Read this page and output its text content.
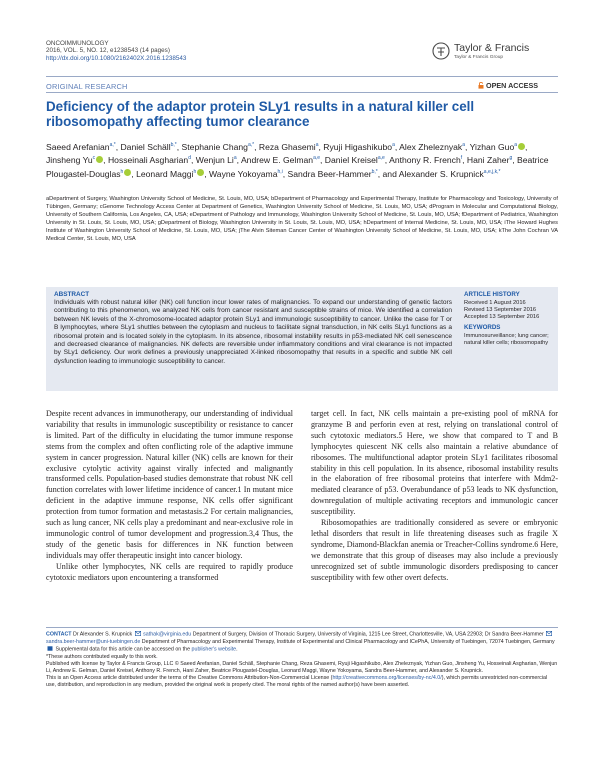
ONCOIMMUNOLOGY
2016, VOL. 5, NO. 12, e1238543 (14 pages)
http://dx.doi.org/10.1080/2162402X.2016.1238543
Taylor & Francis
Taylor & Francis Group
ORIGINAL RESEARCH	OPEN ACCESS
Deficiency of the adaptor protein SLy1 results in a natural killer cell ribosomopathy affecting tumor clearance
Saeed Arefanian$^{a,*}$, Daniel Schäll$^{b,*}$, Stephanie Chang$^{a,*}$, Reza Ghasemi$^a$, Ryuji Higashikubo$^a$, Alex Zheleznyak$^a$, Yizhan Guo$^a$ , Jinsheng Yu$^c$ , Hosseinali Asgharian$^d$, Wenjun Li$^a$, Andrew E. Gelman$^{a,e}$, Daniel Kreisel$^{a,e}$, Anthony R. French$^f$, Hani Zaher$^g$, Beatrice Plougastel-Douglas$^h$ , Leonard Maggi$^h$ , Wayne Yokoyama$^{h,i}$, Sandra Beer-Hammer$^{b,*}$, and Alexander S. Krupnick$^{a,e,j,k,*}$
aDepartment of Surgery, Washington University School of Medicine, St. Louis, MO, USA; bDepartment of Pharmacology and Experimental Therapy, Institute for Pharmacology and Toxicology, University of Tübingen, Germany; cGenome Technology Access Center at Department of Genetics, Washington University School of Medicine, St. Louis, MO, USA; dProgram in Molecular and Computational Biology, University of Southern California, Los Angeles, CA, USA; eDepartment of Pathology and Immunology, Washington University School of Medicine, St. Louis, MO, USA; fDepartment of Pediatrics, Washington University in St. Louis, St. Louis, MO, USA; gDepartment of Biology, Washington University in St. Louis, St. Louis, MO, USA; hDepartment of Internal Medicine, St. Louis, MO, USA; iThe Howard Hughes Institute of Washington University School of Medicine, St. Louis, MO, USA; jThe Alvin Siteman Cancer Center of Washington University School of Medicine, St. Louis, MO, USA; kThe John Cochran VA Medical Center, St. Louis, MO, USA
ABSTRACT
Individuals with robust natural killer (NK) cell function incur lower rates of malignancies. To expand our understanding of genetic factors contributing to this phenomenon, we analyzed NK cells from cancer resistant and susceptible strains of mice. We identified a correlation between NK levels of the X-chromosome-located adaptor protein SLy1 and immunologic susceptibility to cancer. Unlike the case for T or B lymphocytes, where SLy1 shuttles between the cytoplasm and nucleus to facilitate signal transduction, in NK cells SLy1 functions as a ribosomal protein and is located solely in the cytoplasm. In its absence, ribosomal instability results in p53-mediated NK cell senescence and decreased clearance of malignancies. NK defects are reversible under inflammatory conditions and viral clearance is not impacted by SLy1 deficiency. Our work defines a previously unappreciated X-linked ribosomopathy that results in a specific and subtle NK cell dysfunction leading to immunologic susceptibility to cancer.
ARTICLE HISTORY
Received 1 August 2016
Revised 13 September 2016
Accepted 13 September 2016
KEYWORDS
Immunosurveillance; lung cancer; natural killer cells; ribosomopathy

Despite recent advances in immunotherapy, our understanding of individual variability that results in immunologic susceptibility or resistance to cancer is limited. Part of the difficulty in elucidating the tumor immune response stems from the complex and often conflicting role of the adaptive immune system in cancer progression. Natural killer (NK) cells are known for their exclusive cytolytic activity against virally infected and malignantly transformed cells. Population-based studies demonstrate that robust NK cell function correlates with lower lifetime incidence of cancer.1 In mutant mice deficient in the adaptive immune response, NK cells offer significant protection from tumor formation and metastasis.2 For certain malignancies, such as lung cancer, NK cells play a predominant and near-exclusive role in immunologic control of tumor development and progression.3,4 Thus, the study of the genetic basis for differences in NK function between individuals may offer therapeutic insight into cancer biology.

Unlike other lymphocytes, NK cells are required to rapidly produce cytotoxic mediators upon encountering a transformed

target cell. In fact, NK cells maintain a pre-existing pool of mRNA for granzyme B and perforin even at rest, relying on translational control of such cytotoxic mediators.5 Here, we show that compared to T and B lymphocytes quiescent NK cells also maintain a relative abundance of ribosomes. The multifunctional adaptor protein SLy1 facilitates ribosomal stability in this cell population. In its absence, ribosomal instability results in the elaboration of free ribosomal proteins that interfere with Mdm2-mediated clearance of p53. Overabundance of p53 leads to NK dysfunction, downregulation of multiple activating receptors and immunologic cancer susceptibility.

Ribosomopathies are traditionally considered as severe or embryonic lethal disorders that result in life threatening diseases such as fragile X syndrome, Diamond-Blackfan anemia or Treacher-Collins syndrome.6 Here, we demonstrate that this group of diseases may also include a previously unrecognized set of subtle immunologic disorders predisposing to cancer susceptibility with few other overt defects.

CONTACT Dr Alexander S. Krupnick sathak@virginia.edu Department of Surgery, Division of Thoracic Surgery, University of Virginia, 1215 Lee Street, Charlottesville, VA, USA 22903; Dr Sandra Beer-Hammer  sandra.beer-hammer@uni-tuebingen.de Department of Pharmacology and Experimental Therapy, Institute of Experimental and Clinical Pharmacology and ICePhA, University of Tuebingen, 72074 Tuebingen, Germany

Supplemental data for this article can be accessed on the publisher's website.

*These authors contributed equally to this work.

Published with license by Taylor & Francis Group, LLC © Saeed Arefanian, Daniel Schäll, Stephanie Chang, Reza Ghasemi, Ryuji Higashikubo, Alex Zheleznyak, Yizhan Guo, Jinsheng Yu, Hosseinali Asgharian, Wenjun Li, Andrew E. Gelman, Daniel Kreisel, Anthony R. French, Hani Zaher, Beatrice Plougastel-Douglas, Leonard Maggi, Wayne Yokoyama, Sandra Beer-Hammer, and Alexander S. Krupnick.

This is an Open Access article distributed under the terms of the Creative Commons Attribution-Non-Commercial License (http://creativecommons.org/licenses/by-nc/4.0/), which permits unrestricted non-commercial use, distribution, and reproduction in any medium, provided the original work is properly cited. The moral rights of the named author(s) have been asserted.
